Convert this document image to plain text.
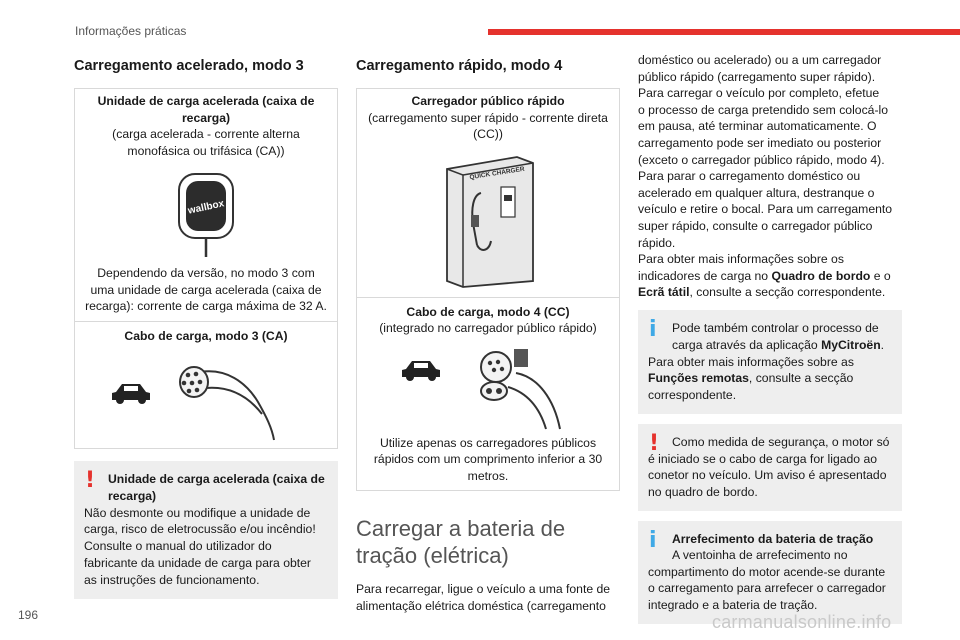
Informações práticas
Carregamento acelerado, modo 3
Unidade de carga acelerada (caixa de recarga)
(carga acelerada - corrente alterna monofásica ou trifásica (CA))
wallbox
Dependendo da versão, no modo 3 com uma unidade de carga acelerada (caixa de recarga): corrente de carga máxima de 32 A.
Cabo de carga, modo 3 (CA)
!	Unidade de carga acelerada (caixa de recarga)
Não desmonte ou modifique a unidade de carga, risco de eletrocussão e/ou incêndio! Consulte o manual do utilizador do fabricante da unidade de carga para obter as instruções de funcionamento.
Carregamento rápido, modo 4
Carregador público rápido
(carregamento super rápido - corrente direta (CC))
QUICK CHARGER
Cabo de carga, modo 4 (CC)
(integrado no carregador público rápido)
Utilize apenas os carregadores públicos rápidos com um comprimento inferior a 30 metros.
Carregar a bateria de tração (elétrica)
Para recarregar, ligue o veículo a uma fonte de alimentação elétrica doméstica (carregamento
doméstico ou acelerado) ou a um carregador
público rápido (carregamento super rápido).
Para carregar o veículo por completo, efetue
o processo de carga pretendido sem colocá-lo
em pausa, até terminar automaticamente. O
carregamento pode ser imediato ou posterior
(exceto o carregador público rápido, modo 4).
Para parar o carregamento doméstico ou
acelerado em qualquer altura, destranque o
veículo e retire o bocal. Para um carregamento
super rápido, consulte o carregador público
rápido.
Para obter mais informações sobre os indicadores de carga no Quadro de bordo e o Ecrã tátil, consulte a secção correspondente.
i	Pode também controlar o processo de carga através da aplicação MyCitroën.
Para obter mais informações sobre as Funções remotas, consulte a secção correspondente.
!	Como medida de segurança, o motor só é iniciado se o cabo de carga for ligado ao conetor no veículo. Um aviso é apresentado no quadro de bordo.
i	Arrefecimento da bateria de tração
A ventoinha de arrefecimento no compartimento do motor acende-se durante o carregamento para arrefecer o carregador integrado e a bateria de tração.
196	carmanualsonline.info
